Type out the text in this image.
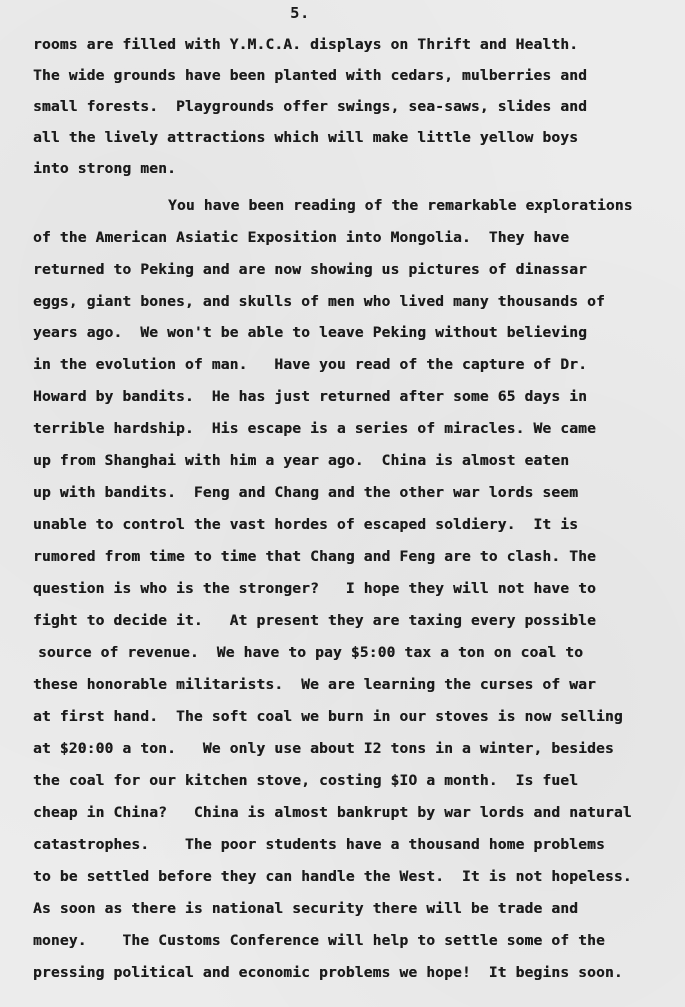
5.
rooms are filled with Y.M.C.A. displays on Thrift and Health.
The wide grounds have been planted with cedars, mulberries and
small forests.  Playgrounds offer swings, sea-saws, slides and
all the lively attractions which will make little yellow boys
into strong men.
You have been reading of the remarkable explorations
of the American Asiatic Exposition into Mongolia.  They have
returned to Peking and are now showing us pictures of dinassar
eggs, giant bones, and skulls of men who lived many thousands of
years ago.  We won't be able to leave Peking without believing
in the evolution of man.   Have you read of the capture of Dr.
Howard by bandits.  He has just returned after some 65 days in
terrible hardship.  His escape is a series of miracles. We came
up from Shanghai with him a year ago.  China is almost eaten
up with bandits.  Feng and Chang and the other war lords seem
unable to control the vast hordes of escaped soldiery.  It is
rumored from time to time that Chang and Feng are to clash. The
question is who is the stronger?   I hope they will not have to
fight to decide it.   At present they are taxing every possible
source of revenue.  We have to pay $5:00 tax a ton on coal to
these honorable militarists.  We are learning the curses of war
at first hand.  The soft coal we burn in our stoves is now selling
at $20:00 a ton.   We only use about I2 tons in a winter, besides
the coal for our kitchen stove, costing $IO a month.  Is fuel
cheap in China?   China is almost bankrupt by war lords and natural
catastrophes.    The poor students have a thousand home problems
to be settled before they can handle the West.  It is not hopeless.
As soon as there is national security there will be trade and
money.    The Customs Conference will help to settle some of the
pressing political and economic problems we hope!  It begins soon.
